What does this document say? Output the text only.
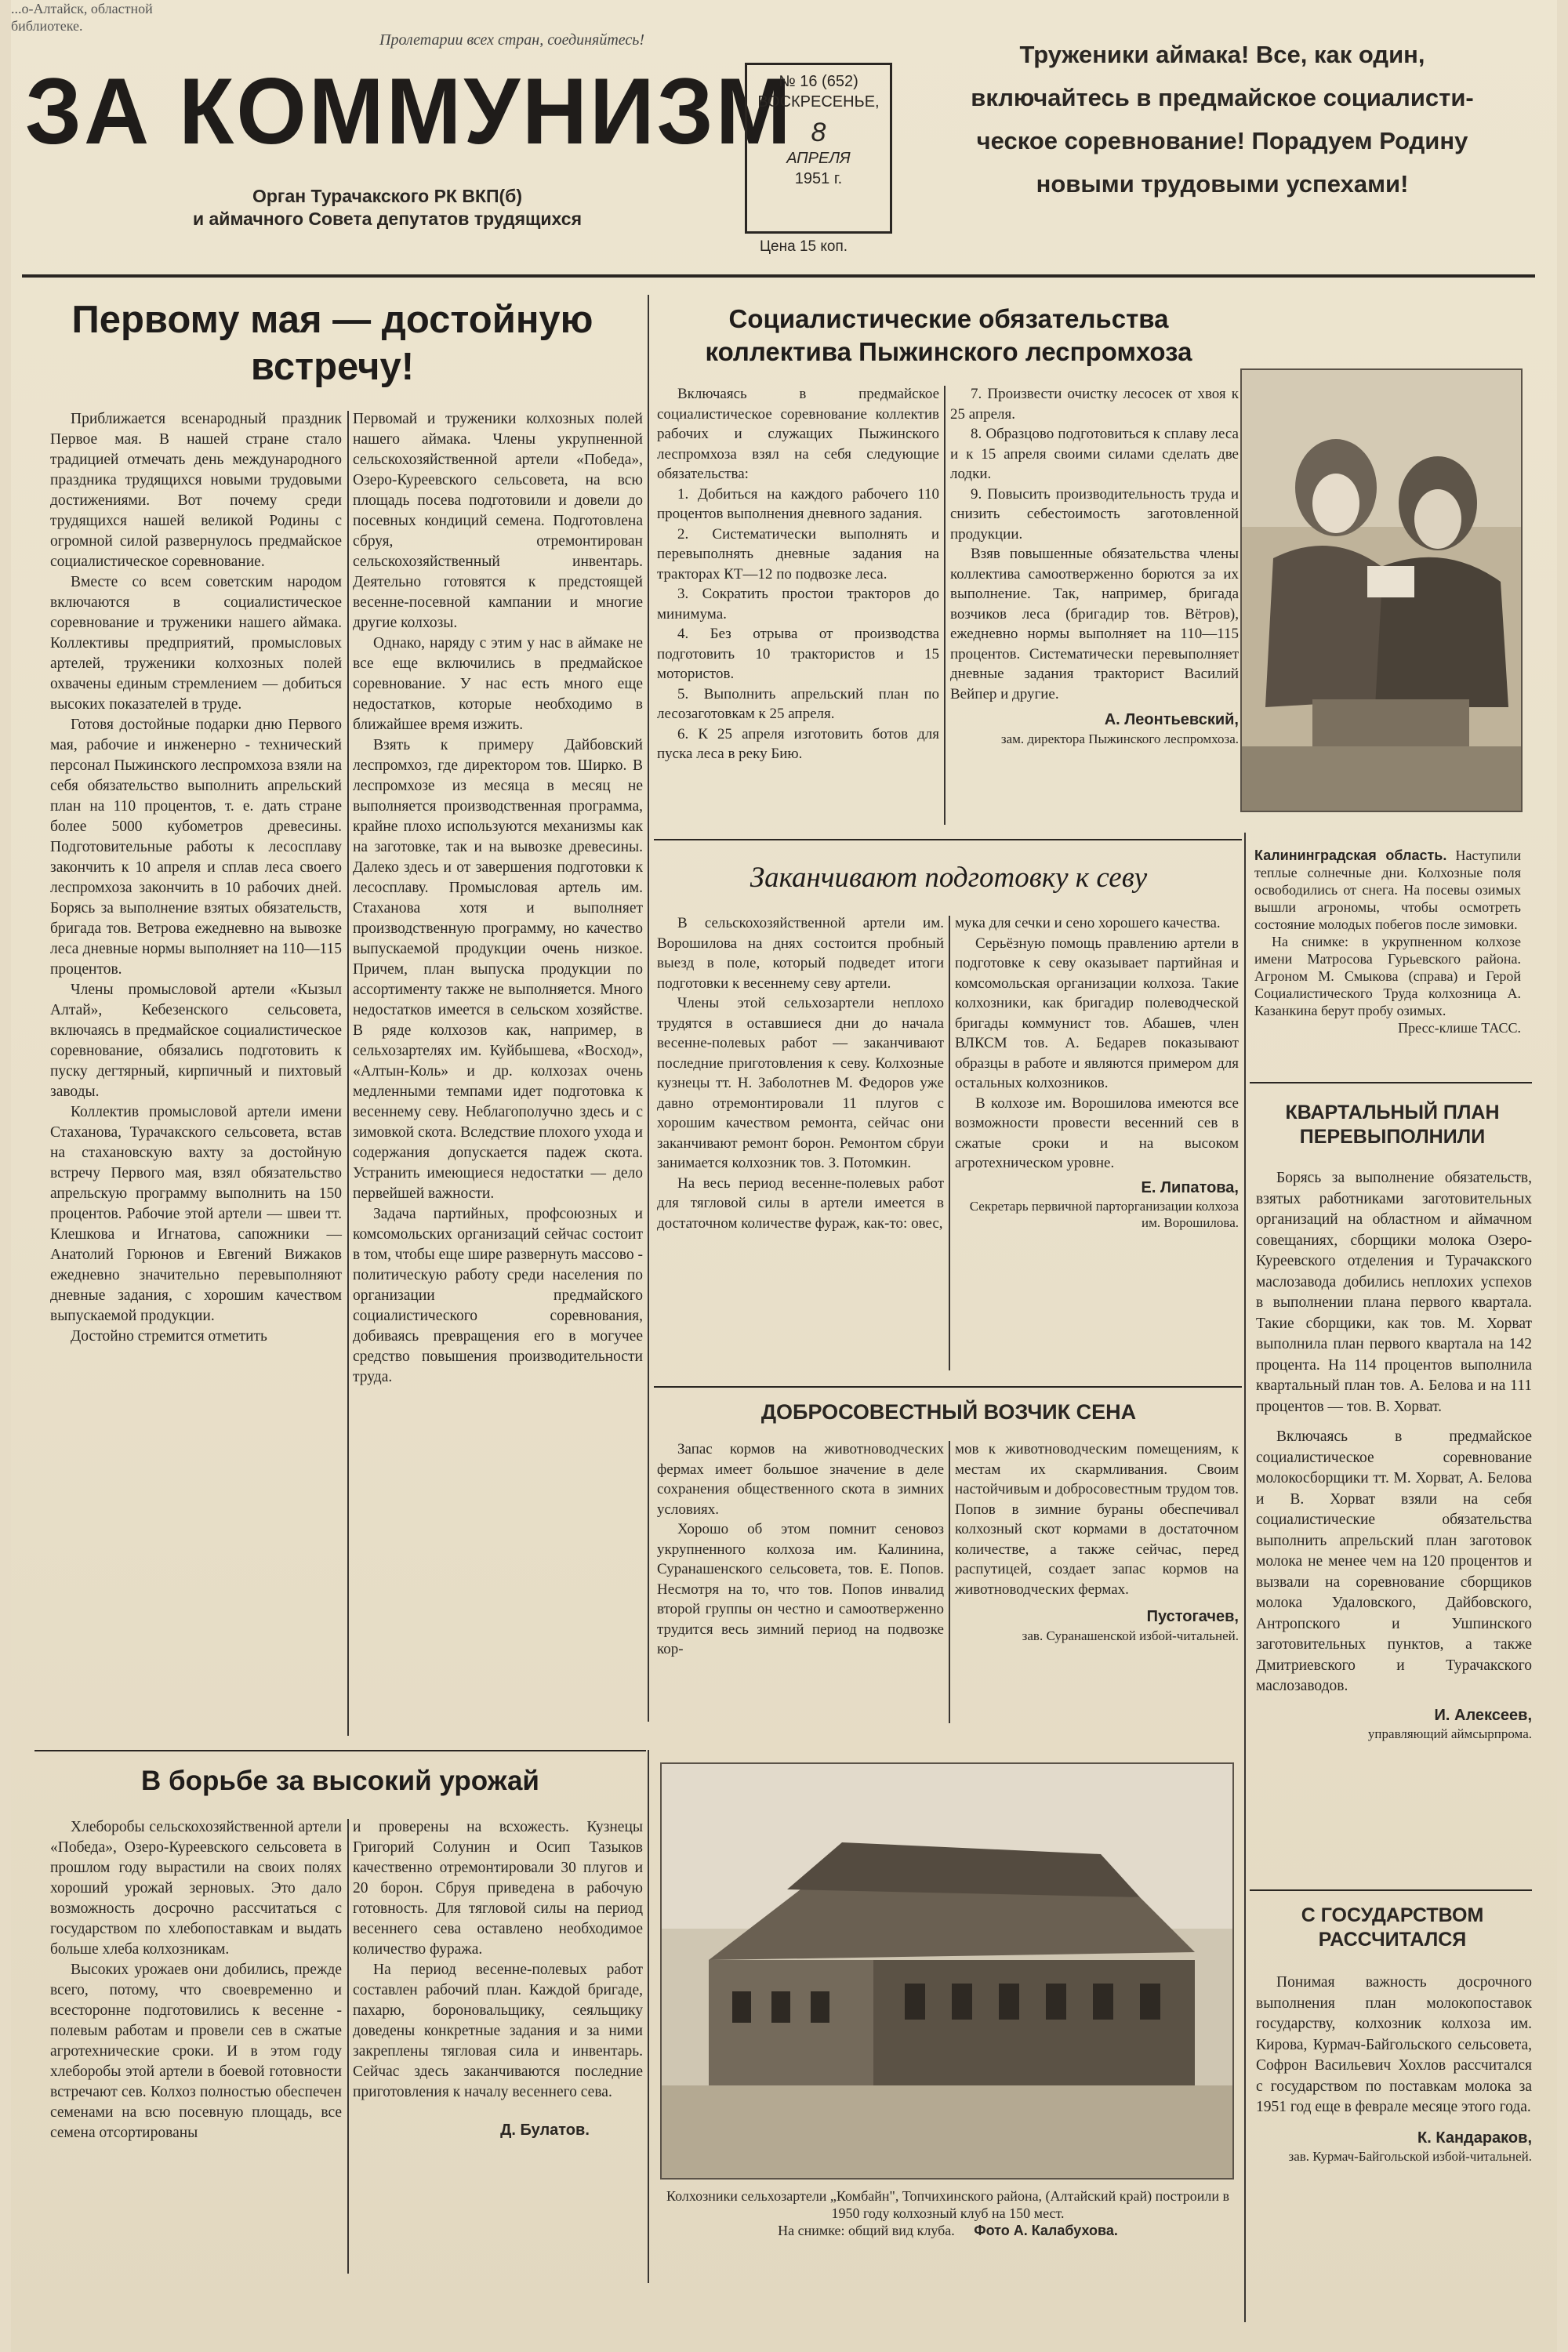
...о-Алтайск, областной библиотеке.
Пролетарии всех стран, соединяйтесь!
ЗА КОММУНИЗМ
Орган Турачакского РК ВКП(б)
и аймачного Совета депутатов трудящихся
№ 16 (652)
ВОСКРЕСЕНЬЕ,
8
АПРЕЛЯ
1951 г.
Цена 15 коп.
Труженики аймака! Все, как один,
включайтесь в предмайское социалисти-
ческое соревнование! Порадуем Родину
новыми трудовыми успехами!
Первому мая — достойную
встречу!

Приближается всенародный праздник Первое мая. В нашей стране стало традицией отмечать день международного праздника трудящихся новыми трудовыми достижениями. Вот почему среди трудящихся нашей великой Родины с огромной силой развернулось предмайское социалистическое соревнование.

Вместе со всем советским народом включаются в социалистическое соревнование и труженики нашего аймака. Коллективы предприятий, промысловых артелей, труженики колхозных полей охвачены единым стремлением — добиться высоких показателей в труде.

Готовя достойные подарки дню Первого мая, рабочие и инженерно - технический персонал Пыжинского леспромхоза взяли на себя обязательство выполнить апрельский план на 110 процентов, т. е. дать стране более 5000 кубометров древесины. Подготовительные работы к лесосплаву закончить к 10 апреля и сплав леса своего леспромхоза закончить в 10 рабочих дней. Борясь за выполнение взятых обязательств, бригада тов. Ветрова ежедневно на вывозке леса дневные нормы выполняет на 110—115 процентов.

Члены промысловой артели «Кызыл Алтай», Кебезенского сельсовета, включаясь в предмайское социалистическое соревнование, обязались подготовить к пуску дегтярный, кирпичный и пихтовый заводы.

Коллектив промысловой артели имени Стаханова, Турачакского сельсовета, встав на стахановскую вахту за достойную встречу Первого мая, взял обязательство апрельскую программу выполнить на 150 процентов. Рабочие этой артели — швеи тт. Клешкова и Игнатова, сапожники — Анатолий Горюнов и Евгений Вижаков ежедневно значительно перевыполняют дневные задания, с хорошим качеством выпускаемой продукции.

Достойно стремится отметить

Первомай и труженики колхозных полей нашего аймака. Члены укрупненной сельскохозяйственной артели «Победа», Озеро-Куреевского сельсовета, на всю площадь посева подготовили и довели до посевных кондиций семена. Подготовлена сбруя, отремонтирован сельскохозяйственный инвентарь. Деятельно готовятся к предстоящей весенне-посевной кампании и многие другие колхозы.

Однако, наряду с этим у нас в аймаке не все еще включились в предмайское соревнование. У нас есть много еще недостатков, которые необходимо в ближайшее время изжить.

Взять к примеру Дайбовский леспромхоз, где директором тов. Ширко. В леспромхозе из месяца в месяц не выполняется производственная программа, крайне плохо используются механизмы как на заготовке, так и на вывозке древесины. Далеко здесь и от завершения подготовки к лесосплаву. Промысловая артель им. Стаханова хотя и выполняет производственную программу, но качество выпускаемой продукции очень низкое. Причем, план выпуска продукции по ассортименту также не выполняется. Много недостатков имеется в сельском хозяйстве. В ряде колхозов как, например, в сельхозартелях им. Куйбышева, «Восход», «Алтын-Коль» и др. колхозах очень медленными темпами идет подготовка к весеннему севу. Неблагополучно здесь и с зимовкой скота. Вследствие плохого ухода и содержания допускается падеж скота. Устранить имеющиеся недостатки — дело первейшей важности.

Задача партийных, профсоюзных и комсомольских организаций сейчас состоит в том, чтобы еще шире развернуть массово - политическую работу среди населения по организации предмайского социалистического соревнования, добиваясь превращения его в могучее средство повышения производительности труда.

Социалистические обязательства
коллектива Пыжинского леспромхоза

Включаясь в предмайское социалистическое соревнование коллектив рабочих и служащих Пыжинского леспромхоза взял на себя следующие обязательства:

1. Добиться на каждого рабочего 110 процентов выполнения дневного задания.

2. Систематически выполнять и перевыполнять дневные задания на тракторах КТ—12 по подвозке леса.

3. Сократить простои тракторов до минимума.

4. Без отрыва от производства подготовить 10 трактористов и 15 мотористов.

5. Выполнить апрельский план по лесозаготовкам к 25 апреля.

6. К 25 апреля изготовить ботов для пуска леса в реку Бию.

7. Произвести очистку лесосек от хвоя к 25 апреля.

8. Образцово подготовиться к сплаву леса и к 15 апреля своими силами сделать две лодки.

9. Повысить производительность труда и снизить себестоимость заготовленной продукции.

Взяв повышенные обязательства члены коллектива самоотверженно борются за их выполнение. Так, например, бригада возчиков леса (бригадир тов. Вётров), ежедневно нормы выполняет на 110—115 процентов. Систематически перевыполняет дневные задания тракторист Василий Вейпер и другие.

А. Леонтьевский,
зам. директора Пыжинского леспромхоза.
Заканчивают подготовку к севу

В сельскохозяйственной артели им. Ворошилова на днях состоится пробный выезд в поле, который подведет итоги подготовки к весеннему севу артели.

Члены этой сельхозартели неплохо трудятся в оставшиеся дни до начала весенне-полевых работ — заканчивают последние приготовления к севу. Колхозные кузнецы тт. Н. Заболотнев М. Федоров уже давно отремонтировали 11 плугов с хорошим качеством ремонта, сейчас они заканчивают ремонт борон. Ремонтом сбруи занимается колхозник тов. З. Потомкин.

На весь период весенне-полевых работ для тягловой силы в артели имеется в достаточном количестве фураж, как-то: овес,

мука для сечки и сено хорошего качества.

Серьёзную помощь правлению артели в подготовке к севу оказывает партийная и комсомольская организации колхоза. Такие колхозники, как бригадир полеводческой бригады коммунист тов. Абашев, член ВЛКСМ тов. А. Бедарев показывают образцы в работе и являются примером для остальных колхозников.

В колхозе им. Ворошилова имеются все возможности провести весенний сев в сжатые сроки и на высоком агротехническом уровне.

Е. Липатова,
Секретарь первичной парторганизации колхоза им. Ворошилова.
ДОБРОСОВЕСТНЫЙ ВОЗЧИК СЕНА

Запас кормов на животноводческих фермах имеет большое значение в деле сохранения общественного скота в зимних условиях.

Хорошо об этом помнит сеновоз укрупненного колхоза им. Калинина, Суранашенского сельсовета, тов. Е. Попов. Несмотря на то, что тов. Попов инвалид второй группы он честно и самоотверженно трудится весь зимний период на подвозке кор-

мов к животноводческим помещениям, к местам их скармливания. Своим настойчивым и добросовестным трудом тов. Попов в зимние бураны обеспечивал колхозный скот кормами в достаточном количестве, а также сейчас, перед распутицей, создает запас кормов на животноводческих фермах.

Пустогачев,
зав. Суранашенской избой-читальней.
Калининградская область. Наступили теплые солнечные дни. Колхозные поля освободились от снега. На посевы озимых вышли агрономы, чтобы осмотреть состояние молодых побегов после зимовки.
На снимке: в укрупненном колхозе имени Матросова Гурьевского района. Агроном М. Смыкова (справа) и Герой Социалистического Труда колхозница А. Казанкина берут пробу озимых.
Пресс-клише ТАСС.
КВАРТАЛЬНЫЙ ПЛАН
ПЕРЕВЫПОЛНИЛИ

Борясь за выполнение обязательств, взятых работниками заготовительных организаций на областном и аймачном совещаниях, сборщики молока Озеро-Куреевского отделения и Турачакского маслозавода добились неплохих успехов в выполнении плана первого квартала. Такие сборщики, как тов. М. Хорват выполнила план первого квартала на 142 процента. На 114 процентов выполнила квартальный план тов. А. Белова и на 111 процентов — тов. В. Хорват.

Включаясь в предмайское социалистическое соревнование молокосборщики тт. М. Хорват, А. Белова и В. Хорват взяли на себя социалистические обязательства выполнить апрельский план заготовок молока не менее чем на 120 процентов и вызвали на соревнование сборщиков молока Удаловского, Дайбовского, Антропского и Ушпинского заготовительных пунктов, а также Дмитриевского и Турачакского маслозаводов.

И. Алексеев,
управляющий аймсырпрома.
С ГОСУДАРСТВОМ
РАССЧИТАЛСЯ

Понимая важность досрочного выполнения план молокопоставок государству, колхозник колхоза им. Кирова, Курмач-Байгольского сельсовета, Софрон Васильевич Хохлов рассчитался с государством по поставкам молока за 1951 год еще в феврале месяце этого года.

К. Кандараков,
зав. Курмач-Байгольской избой-читальней.
В борьбе за высокий урожай

Хлеборобы сельскохозяйственной артели «Победа», Озеро-Куреевского сельсовета в прошлом году вырастили на своих полях хороший урожай зерновых. Это дало возможность досрочно рассчитаться с государством по хлебопоставкам и выдать больше хлеба колхозникам.

Высоких урожаев они добились, прежде всего, потому, что своевременно и всесторонне подготовились к весенне - полевым работам и провели сев в сжатые агротехнические сроки. И в этом году хлеборобы этой артели в боевой готовности встречают сев. Колхоз полностью обеспечен семенами на всю посевную площадь, все семена отсортированы

и проверены на всхожесть. Кузнецы Григорий Солунин и Осип Тазыков качественно отремонтировали 30 плугов и 20 борон. Сбруя приведена в рабочую готовность. Для тягловой силы на период весеннего сева оставлено необходимое количество фуража.

На период весенне-полевых работ составлен рабочий план. Каждой бригаде, пахарю, бороновальщику, сеяльщику доведены конкретные задания и за ними закреплены тягловая сила и инвентарь. Сейчас здесь заканчиваются последние приготовления к началу весеннего сева.

Д. Булатов.
Колхозники сельхозартели „Комбайн", Топчихинского района, (Алтайский край) построили в 1950 году колхозный клуб на 150 мест.
На снимке: общий вид клуба. Фото А. Калабухова.
